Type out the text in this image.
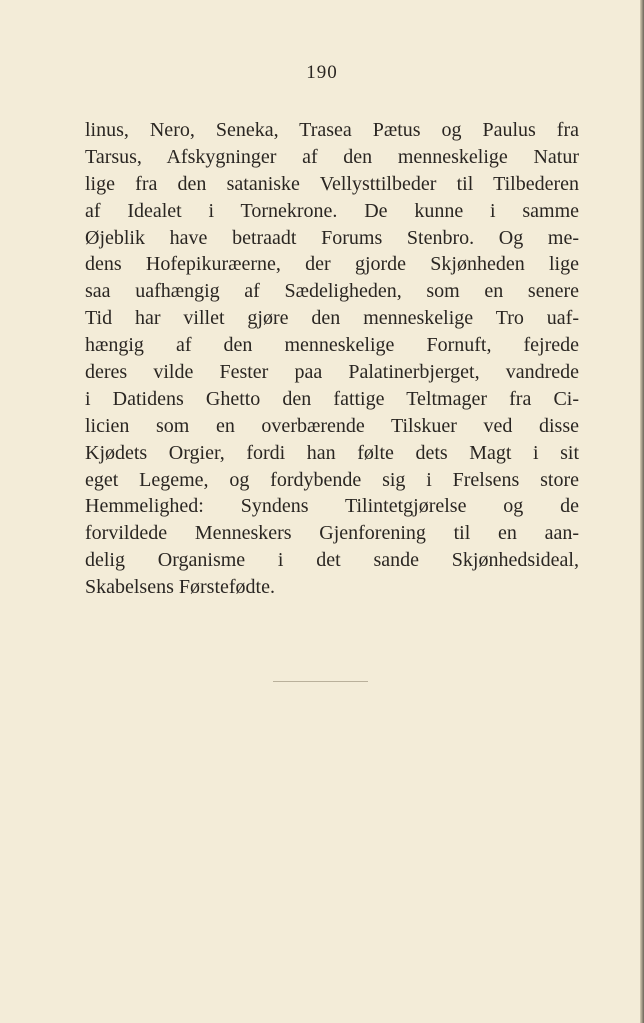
190
linus, Nero, Seneka, Trasea Pætus og Paulus fra
Tarsus, Afskygninger af den menneskelige Natur
lige fra den sataniske Vellysttilbeder til Tilbederen
af Idealet i Tornekrone. De kunne i samme
Øjeblik have betraadt Forums Stenbro. Og me-
dens Hofepikuræerne, der gjorde Skjønheden lige
saa uafhængig af Sædeligheden, som en senere
Tid har villet gjøre den menneskelige Tro uaf-
hængig af den menneskelige Fornuft, fejrede
deres vilde Fester paa Palatinerbjerget, vandrede
i Datidens Ghetto den fattige Teltmager fra Ci-
licien som en overbærende Tilskuer ved disse
Kjødets Orgier, fordi han følte dets Magt i sit
eget Legeme, og fordybende sig i Frelsens store
Hemmelighed: Syndens Tilintetgjørelse og de
forvildede Menneskers Gjenforening til en aan-
delig Organisme i det sande Skjønhedsideal,
Skabelsens Førstefødte.
